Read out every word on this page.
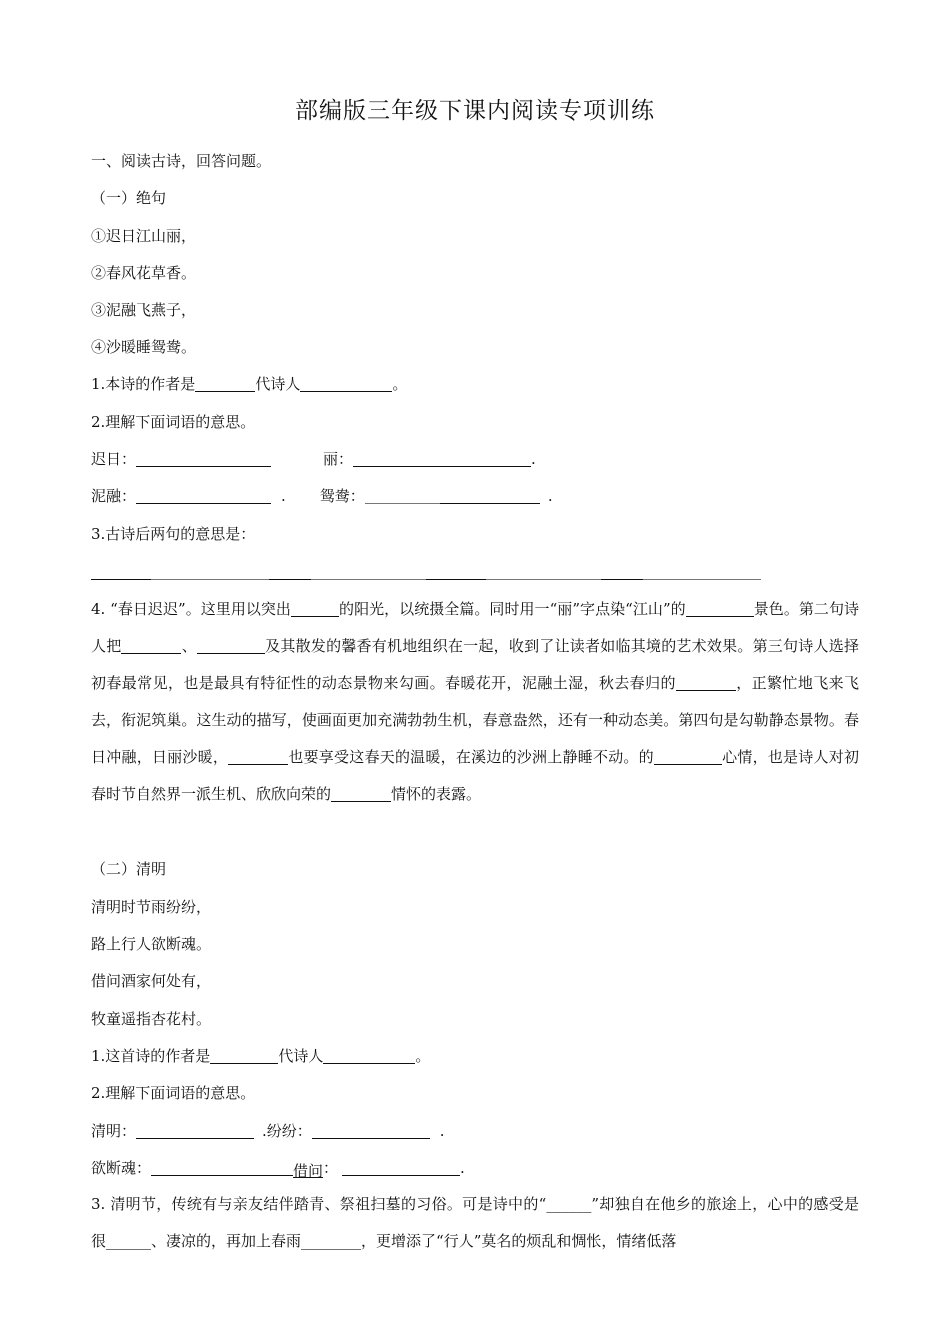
部编版三年级下课内阅读专项训练
一、阅读古诗，回答问题。
（一）绝句
①迟日江山丽，
②春风花草香。
③泥融飞燕子，
④沙暖睡鸳鸯。
1.本诗的作者是	代诗人	。
2.理解下面词语的意思。
迟日：	丽：	.
泥融：	. 鸳鸯：	.
3.古诗后两句的意思是：
4. “春日迟迟”。这里用以突出	的阳光，以统摄全篇。同时用一“丽”字点染“江山”的	景色。第二句诗人把	、	及其散发的馨香有机地组织在一起，收到了让读者如临其境的艺术效果。第三句诗人选择初春最常见，也是最具有特征性的动态景物来勾画。春暖花开，泥融土湿，秋去春归的	，正繁忙地飞来飞去，衔泥筑巢。这生动的描写，使画面更加充满勃勃生机，春意盎然，还有一种动态美。第四句是勾勒静态景物。春日冲融，日丽沙暖，	也要享受这春天的温暖，在溪边的沙洲上静睡不动。的	心情，也是诗人对初春时节自然界一派生机、欣欣向荣的	情怀的表露。
（二）清明
清明时节雨纷纷，
路上行人欲断魂。
借问酒家何处有，
牧童遥指杏花村。
1.这首诗的作者是	代诗人	。
2.理解下面词语的意思。
清明：	.纷纷：	.
欲断魂：	借问：	.
3. 清明节，传统有与亲友结伴踏青、祭祖扫墓的习俗。可是诗中的“______”却独自在他乡的旅途上，心中的感受是很______、凄凉的，再加上春雨________，更增添了“行人”莫名的烦乱和惆怅，情绪低落
